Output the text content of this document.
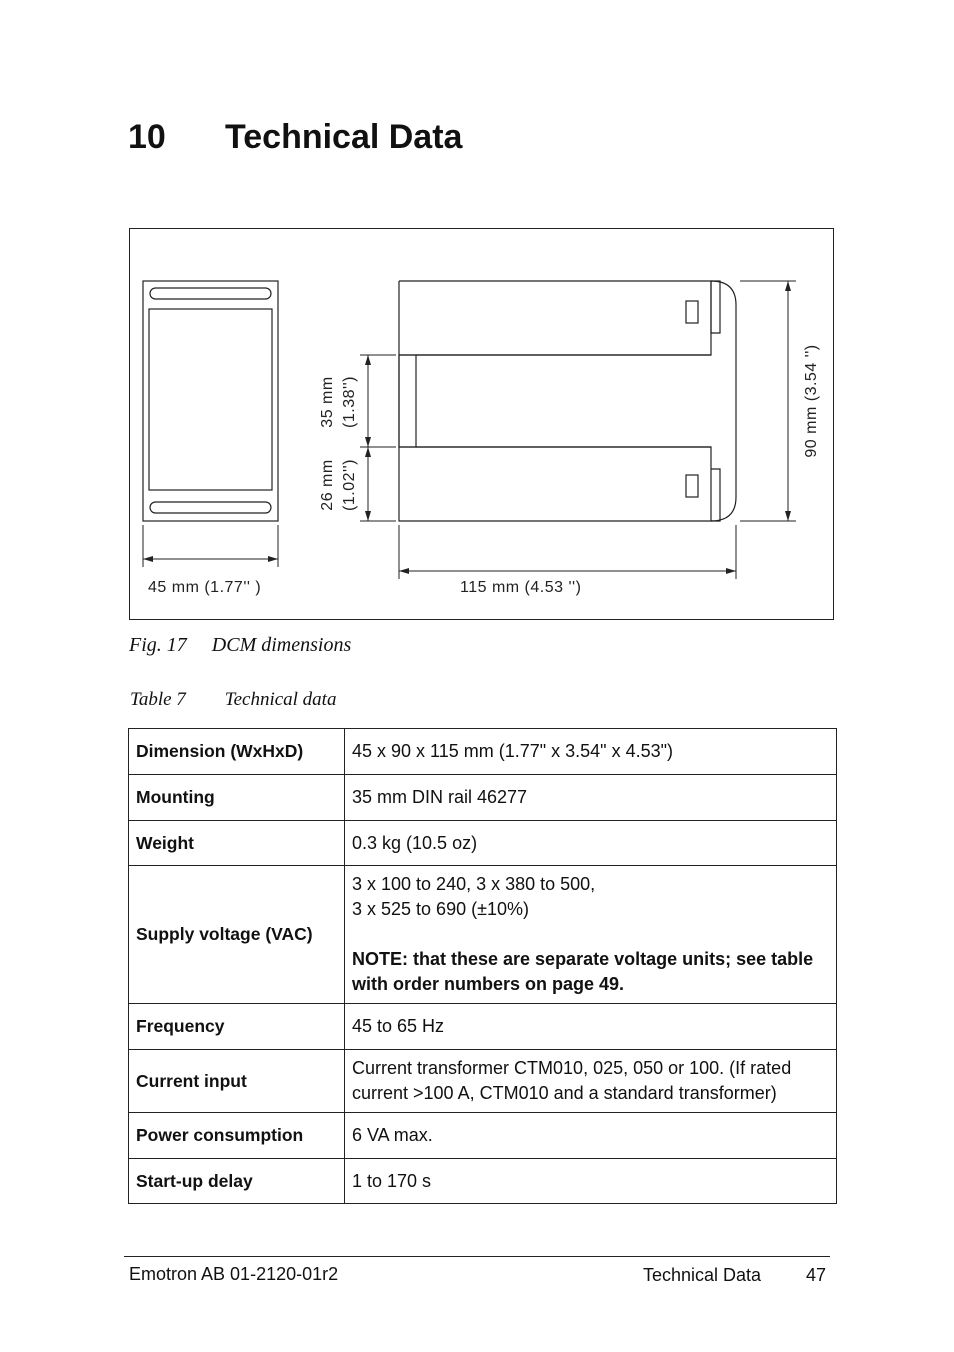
10 Technical Data
45 mm (1.77'' )	115 mm (4.53 '')
90 mm (3.54 '')
35 mm (1.38'')
26 mm (1.02'')
Fig. 17 DCM dimensions
Table 7 Technical data
Dimension (WxHxD)	45 x 90 x 115 mm (1.77" x 3.54" x 4.53")
Mounting	35 mm DIN rail 46277
Weight	0.3 kg (10.5 oz)
Supply voltage (VAC)	3 x 100 to 240, 3 x 380 to 500,
3 x 525 to 690 (±10%)
NOTE: that these are separate voltage units; see table with order numbers on page 49.

Frequency	45 to 65 Hz
Current input	Current transformer CTM010, 025, 050 or 100. (If rated current >100 A, CTM010 and a standard transformer)
Power consumption	6 VA max.
Start-up delay	1 to 170 s
Emotron AB 01-2120-01r2	Technical Data 47
